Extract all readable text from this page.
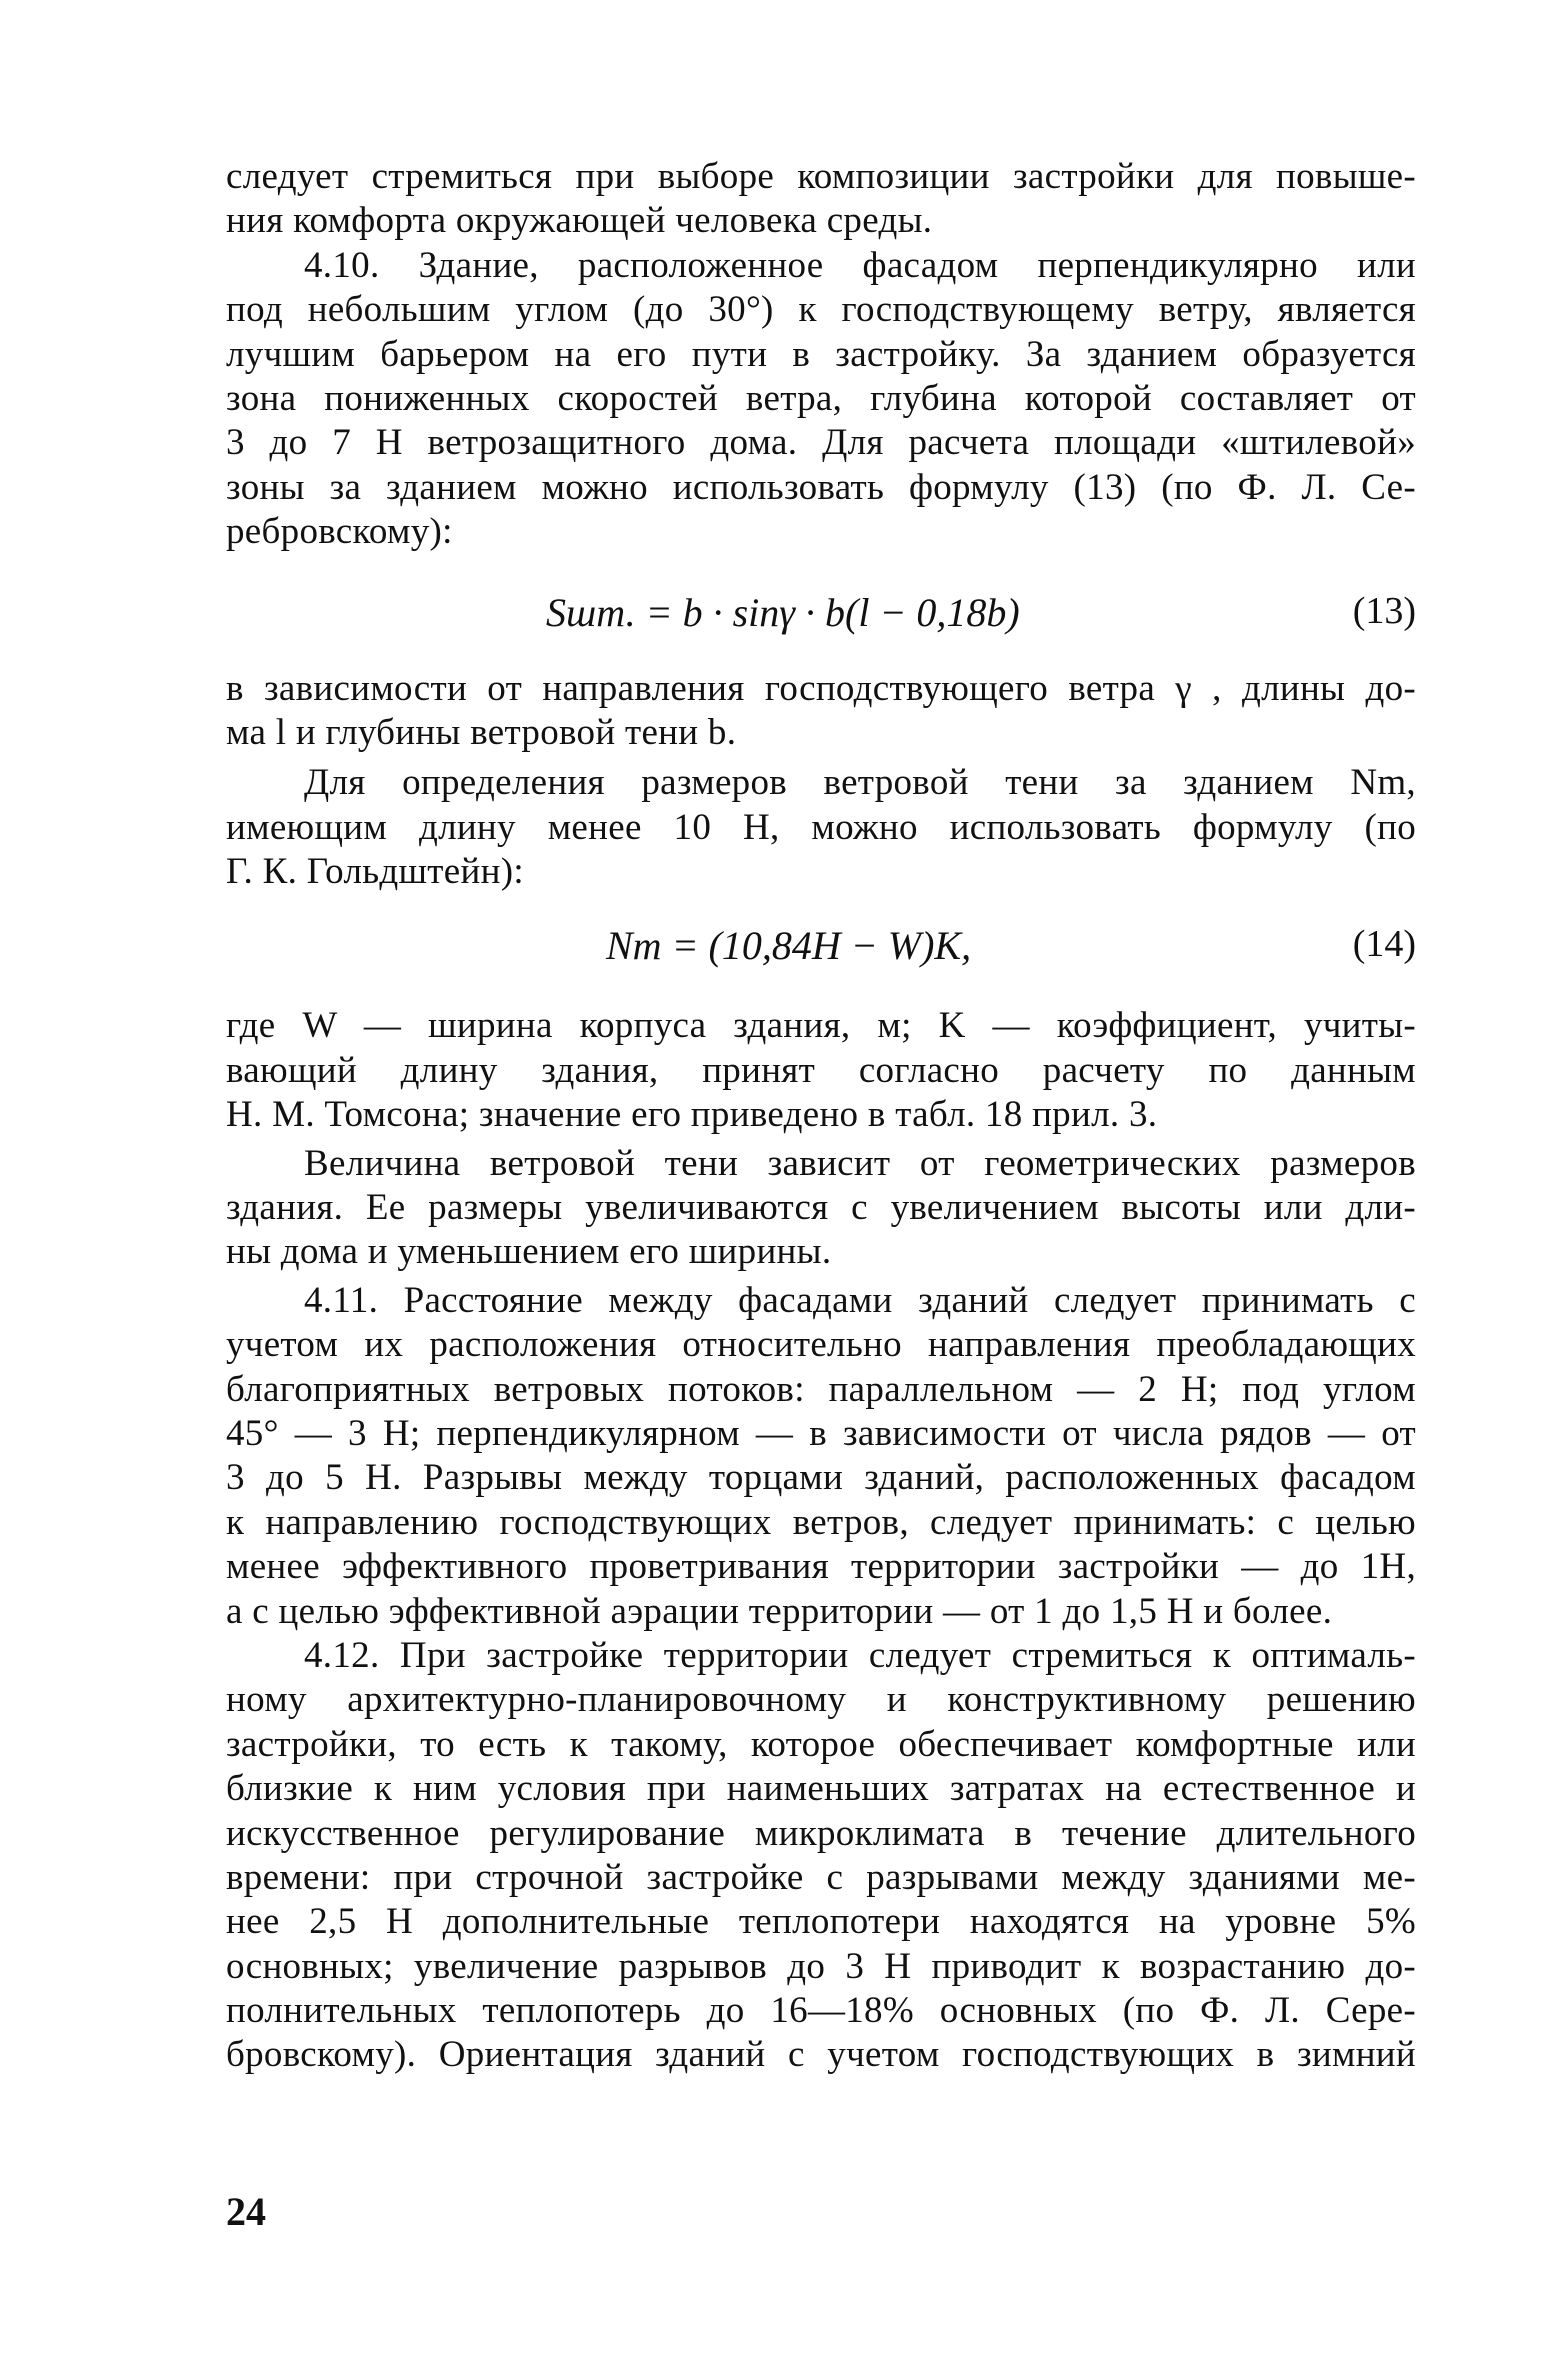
следует стремиться при выборе композиции застройки для повыше-
ния комфорта окружающей человека среды.
4.10. Здание, расположенное фасадом перпендикулярно или
под небольшим углом (до 30°) к господствующему ветру, является
лучшим барьером на его пути в застройку. За зданием образуется
зона пониженных скоростей ветра, глубина которой составляет от
3 до 7 Н ветрозащитного дома. Для расчета площади «штилевой»
зоны за зданием можно использовать формулу (13) (по Ф. Л. Се-
ребровскому):
Sшт. = b · sinγ · b(l − 0,18b)	(13)
в зависимости от направления господствующего ветра γ , длины до-
ма l и глубины ветровой тени b.
Для определения размеров ветровой тени за зданием Nm,
имеющим длину менее 10 Н, можно использовать формулу (по
Г. К. Гольдштейн):
Nm = (10,84H − W)K,	(14)
где W — ширина корпуса здания, м; K — коэффициент, учиты-
вающий длину здания, принят согласно расчету по данным
Н. М. Томсона; значение его приведено в табл. 18 прил. 3.
Величина ветровой тени зависит от геометрических размеров
здания. Ее размеры увеличиваются с увеличением высоты или дли-
ны дома и уменьшением его ширины.
4.11. Расстояние между фасадами зданий следует принимать с
учетом их расположения относительно направления преобладающих
благоприятных ветровых потоков: параллельном — 2 Н; под углом
45° — 3 Н; перпендикулярном — в зависимости от числа рядов — от
3 до 5 Н. Разрывы между торцами зданий, расположенных фасадом
к направлению господствующих ветров, следует принимать: с целью
менее эффективного проветривания территории застройки — до 1Н,
а с целью эффективной аэрации территории — от 1 до 1,5 Н и более.
4.12. При застройке территории следует стремиться к оптималь-
ному архитектурно-планировочному и конструктивному решению
застройки, то есть к такому, которое обеспечивает комфортные или
близкие к ним условия при наименьших затратах на естественное и
искусственное регулирование микроклимата в течение длительного
времени: при строчной застройке с разрывами между зданиями ме-
нее 2,5 Н дополнительные теплопотери находятся на уровне 5%
основных; увеличение разрывов до 3 Н приводит к возрастанию до-
полнительных теплопотерь до 16—18% основных (по Ф. Л. Сере-
бровскому). Ориентация зданий с учетом господствующих в зимний
24
